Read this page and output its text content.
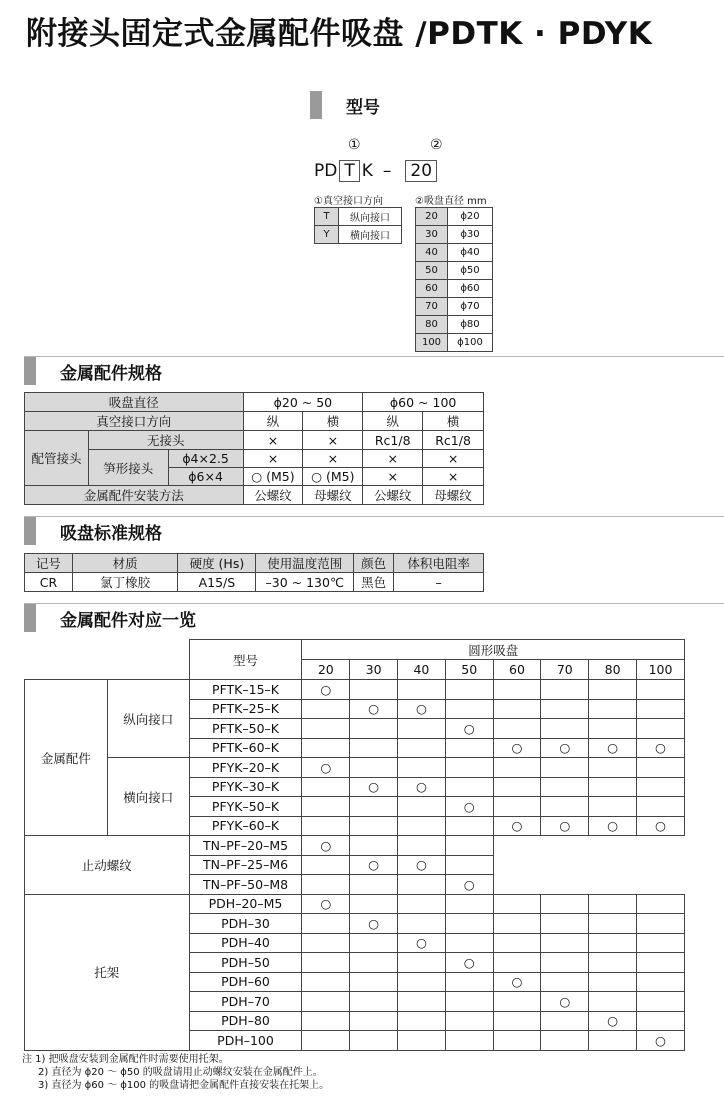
附接头固定式金属配件吸盘 /PDTK · PDYK
型号
①	②
PD T K – 20
①真空接口方向
T	纵向接口
Y	横向接口
②吸盘直径 mm
20	ϕ20
30	ϕ30
40	ϕ40
50	ϕ50
60	ϕ60
70	ϕ70
80	ϕ80
100	ϕ100
金属配件规格
吸盘直径			ϕ20 ~ 50		ϕ60 ~ 100	
真空接口方向			纵	横	纵	横
配管接头	无接头		×	×	Rc1/8	Rc1/8
	笋形接头	ϕ4×2.5	×	×	×	×
		ϕ6×4	○ (M5)	○ (M5)	×	×
金属配件安装方法			公螺纹	母螺纹	公螺纹	母螺纹
吸盘标准规格
记号	材质	硬度 (Hs)	使用温度范围	颜色	体积电阻率
CR	氯丁橡胶	A15/S	–30 ~ 130℃	黑色	–
金属配件对应一览
		型号	圆形吸盘							
			20	30	40	50	60	70	80	100
金属配件	纵向接口	PFTK–15–K	○							
		PFTK–25–K		○	○					
		PFTK–50–K				○				
		PFTK–60–K					○	○	○	○
	横向接口	PFYK–20–K	○							
		PFYK–30–K		○	○					
		PFYK–50–K				○				
		PFYK–60–K					○	○	○	○
止动螺纹		TN–PF–20–M5	○							
		TN–PF–25–M6		○	○					
		TN–PF–50–M8				○				
托架		PDH–20–M5	○							
		PDH–30		○						
		PDH–40			○					
		PDH–50				○				
		PDH–60					○			
		PDH–70						○		
		PDH–80							○	
		PDH–100								○
注 1) 把吸盘安装到金属配件时需要使用托架。
2) 直径为 ϕ20 ～ ϕ50 的吸盘请用止动螺纹安装在金属配件上。
3) 直径为 ϕ60 ～ ϕ100 的吸盘请把金属配件直接安装在托架上。
